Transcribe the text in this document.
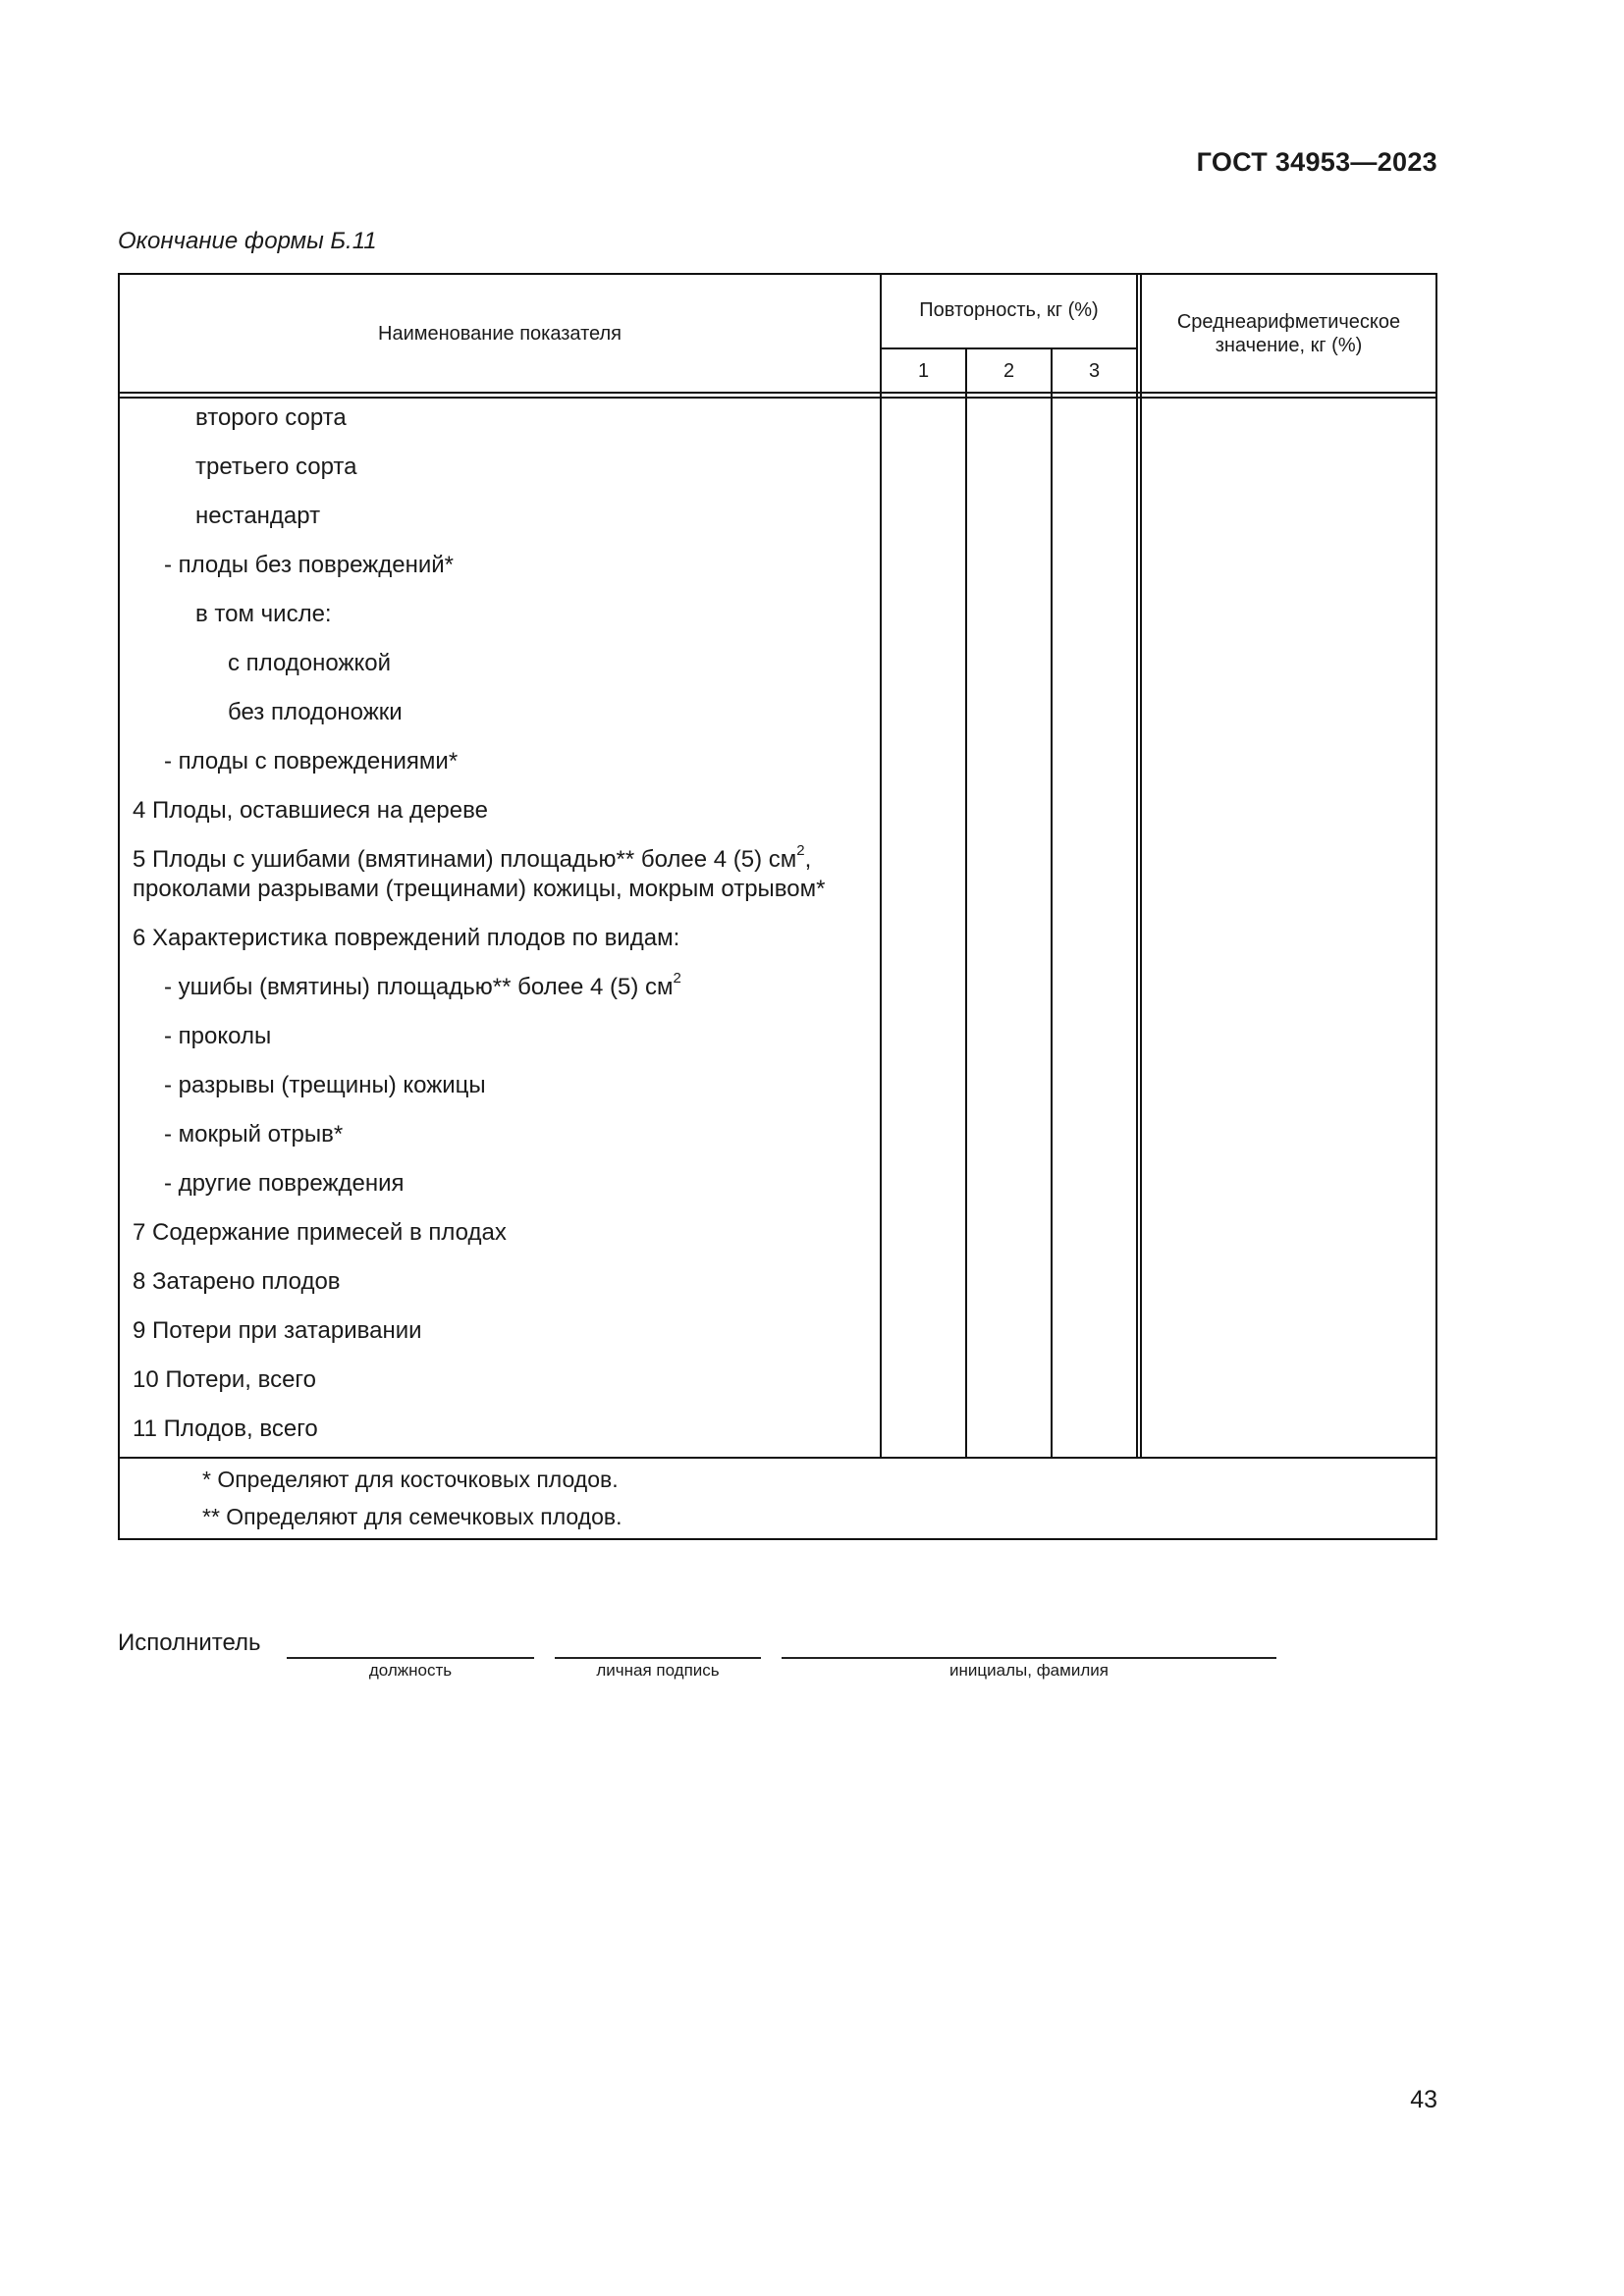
ГОСТ 34953—2023
Окончание формы Б.11
Наименование показателя
Повторность, кг (%)
1	2	3
Среднеарифметическое
значение, кг (%)
второго сорта
третьего сорта
нестандарт
- плоды без повреждений*
в том числе:
с плодоножкой
без плодоножки
- плоды с повреждениями*
4 Плоды, оставшиеся на дереве
5 Плоды с ушибами (вмятинами) площадью** более 4 (5) $см^2$,
проколами разрывами (трещинами) кожицы, мокрым отрывом*
6 Характеристика повреждений плодов по видам:
- ушибы (вмятины) площадью** более 4 (5) $см^2$
- проколы
- разрывы (трещины) кожицы
- мокрый отрыв*
- другие повреждения
7 Содержание примесей в плодах
8 Затарено плодов
9 Потери при затаривании
10 Потери, всего
11 Плодов, всего
* Определяют для косточковых плодов.
** Определяют для семечковых плодов.
Исполнитель
должность	личная подпись	инициалы, фамилия
43
